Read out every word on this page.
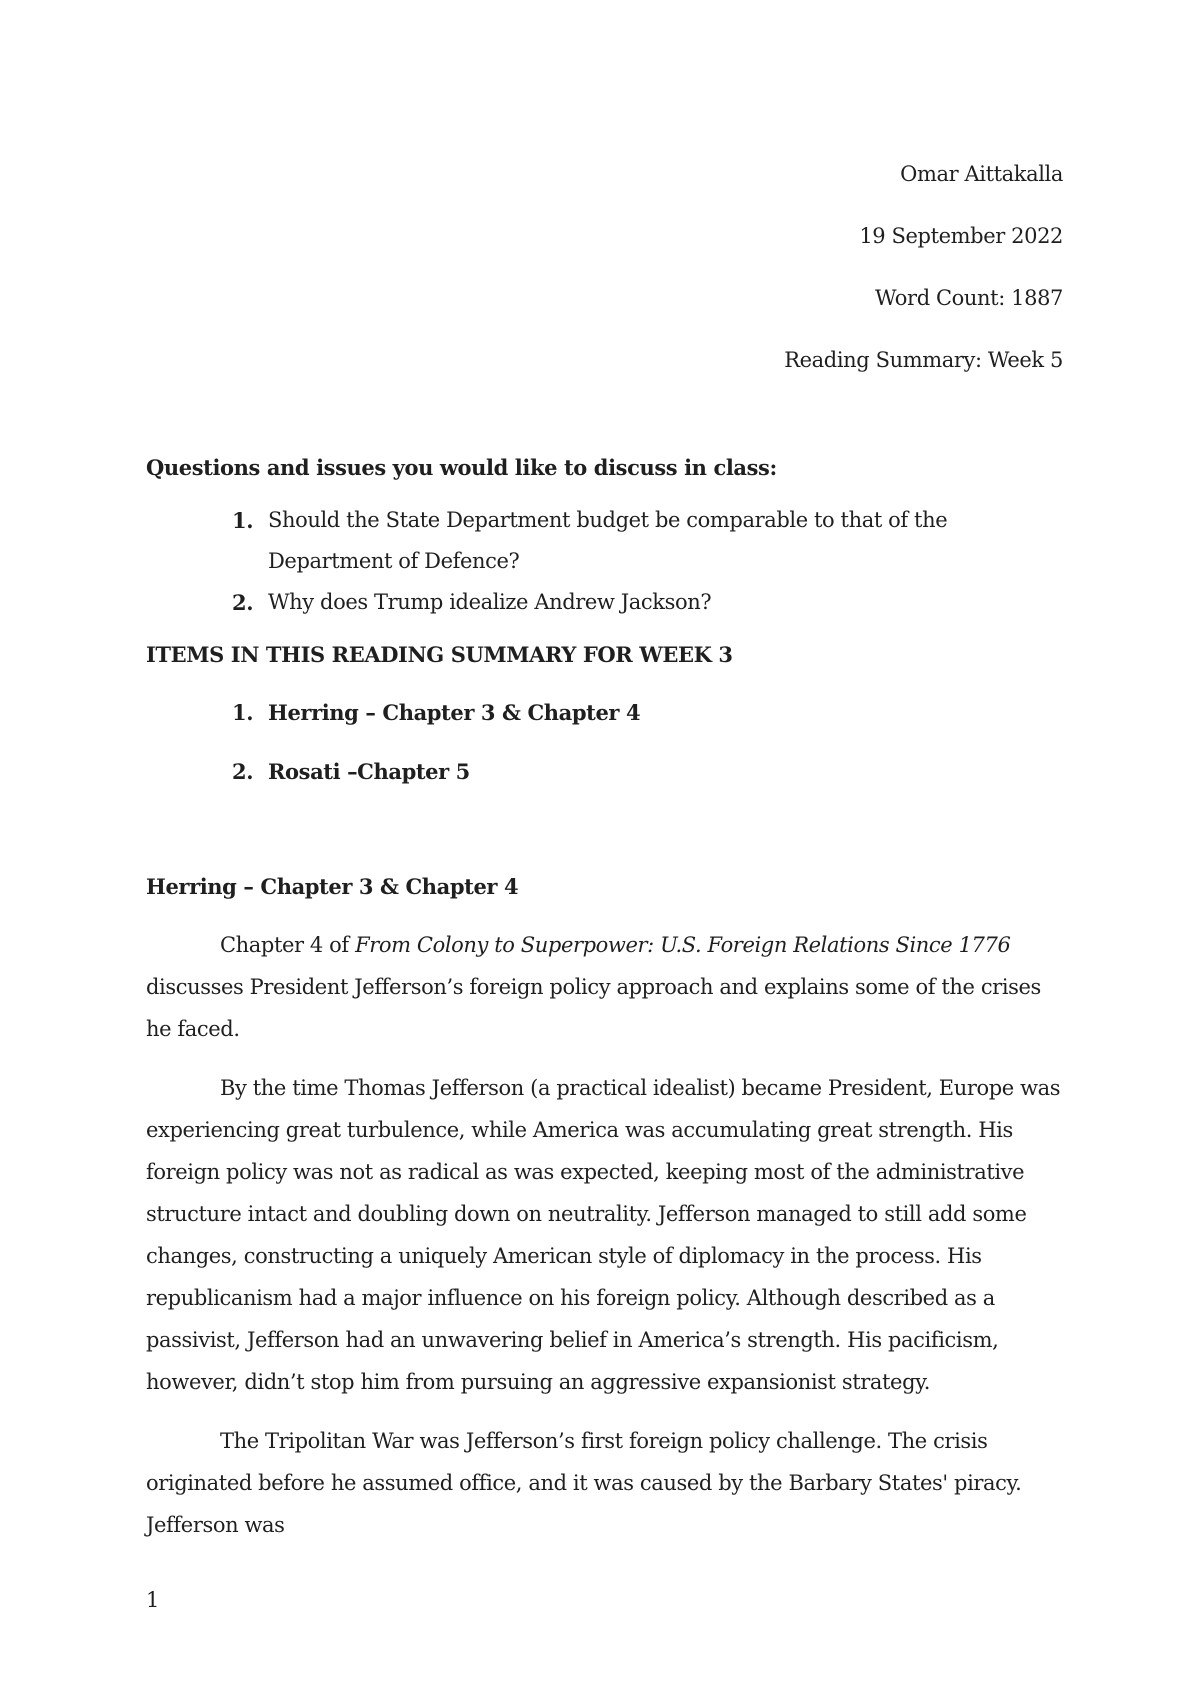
Omar Aittakalla
19 September 2022
Word Count: 1887
Reading Summary: Week 5
Questions and issues you would like to discuss in class:
1. Should the State Department budget be comparable to that of the Department of Defence?
2. Why does Trump idealize Andrew Jackson?
ITEMS IN THIS READING SUMMARY FOR WEEK 3
1. Herring – Chapter 3 & Chapter 4
2. Rosati –Chapter 5
Herring – Chapter 3 & Chapter 4

Chapter 4 of From Colony to Superpower: U.S. Foreign Relations Since 1776 discusses President Jefferson’s foreign policy approach and explains some of the crises he faced.

By the time Thomas Jefferson (a practical idealist) became President, Europe was experiencing great turbulence, while America was accumulating great strength. His foreign policy was not as radical as was expected, keeping most of the administrative structure intact and doubling down on neutrality. Jefferson managed to still add some changes, constructing a uniquely American style of diplomacy in the process. His republicanism had a major influence on his foreign policy. Although described as a passivist, Jefferson had an unwavering belief in America’s strength. His pacificism, however, didn’t stop him from pursuing an aggressive expansionist strategy.

The Tripolitan War was Jefferson’s first foreign policy challenge. The crisis originated before he assumed office, and it was caused by the Barbary States' piracy. Jefferson was

1
